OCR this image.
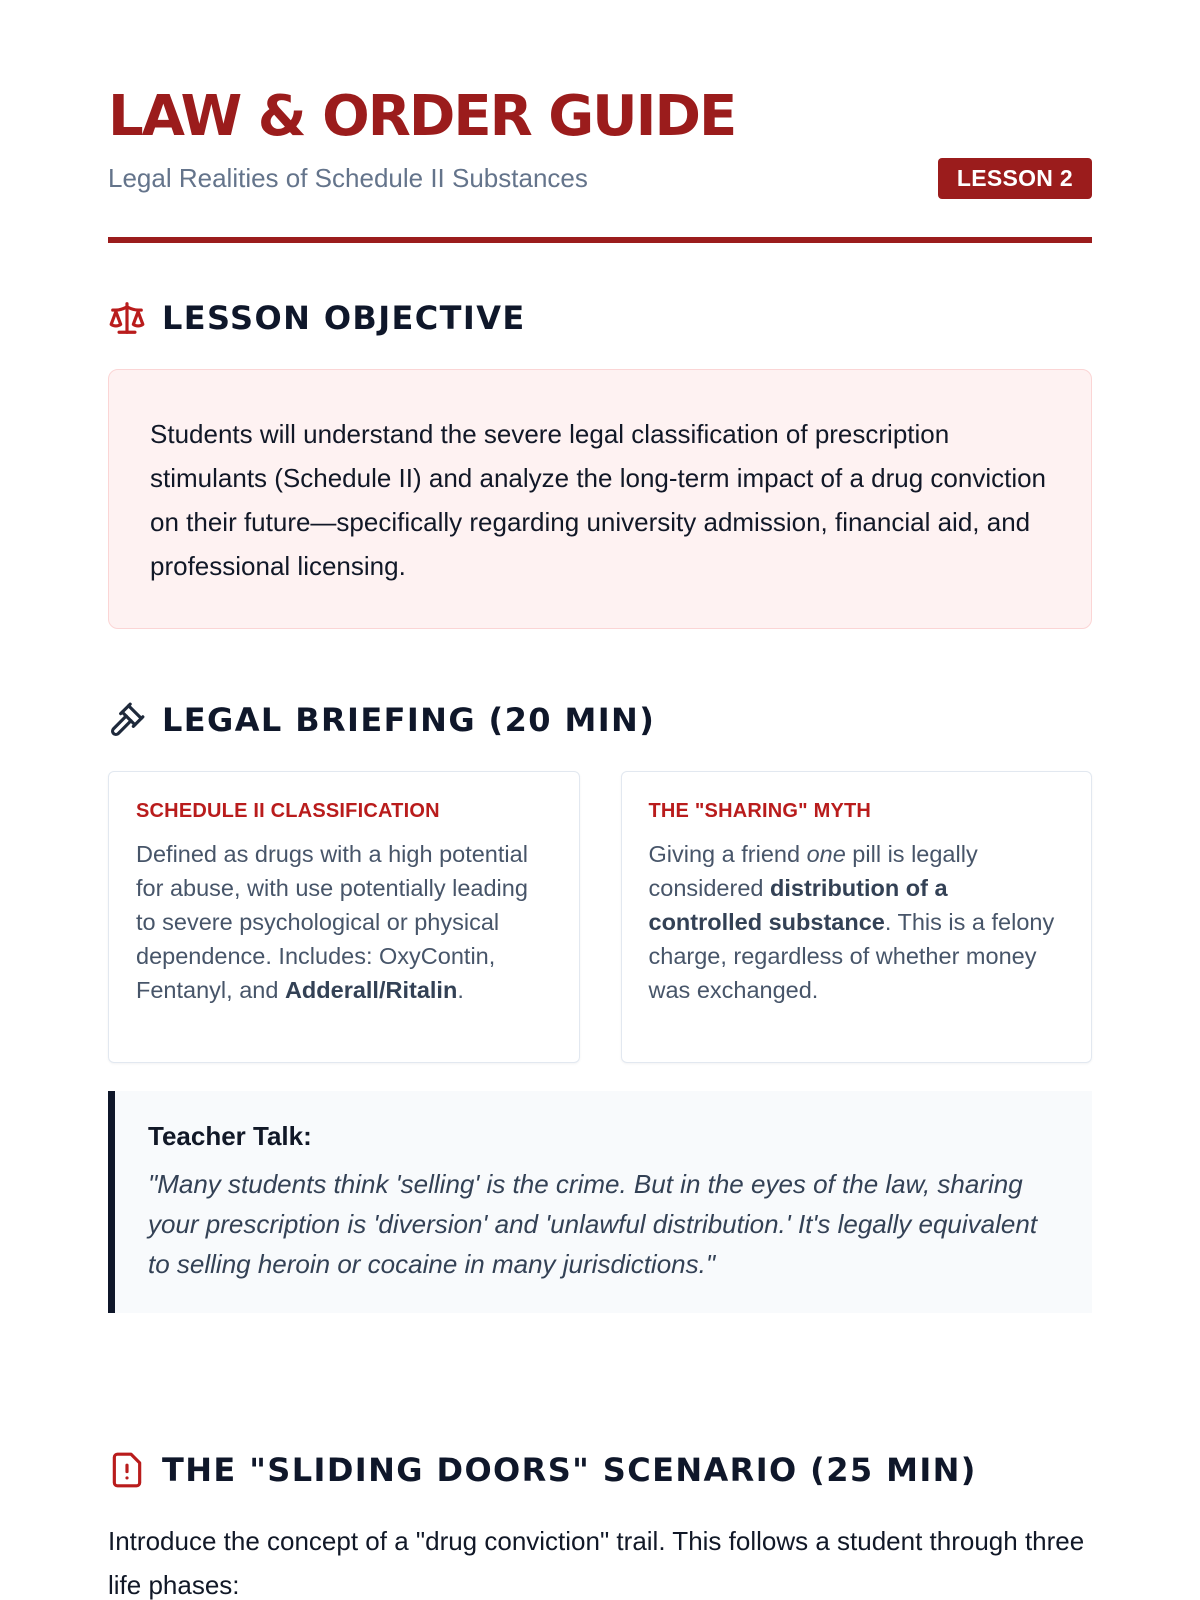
LAW & ORDER GUIDE
Legal Realities of Schedule II Substances	LESSON 2
LESSON OBJECTIVE

Students will understand the severe legal classification of prescription stimulants (Schedule II) and analyze the long-term impact of a drug conviction on their future—specifically regarding university admission, financial aid, and professional licensing.

LEGAL BRIEFING (20 MIN)
SCHEDULE II CLASSIFICATION

Defined as drugs with a high potential for abuse, with use potentially leading to severe psychological or physical dependence. Includes: OxyContin, Fentanyl, and Adderall/Ritalin.

THE "SHARING" MYTH

Giving a friend one pill is legally considered distribution of a controlled substance. This is a felony charge, regardless of whether money was exchanged.

Teacher Talk:

"Many students think 'selling' is the crime. But in the eyes of the law, sharing your prescription is 'diversion' and 'unlawful distribution.' It's legally equivalent to selling heroin or cocaine in many jurisdictions."

THE "SLIDING DOORS" SCENARIO (25 MIN)

Introduce the concept of a "drug conviction" trail. This follows a student through three life phases:
